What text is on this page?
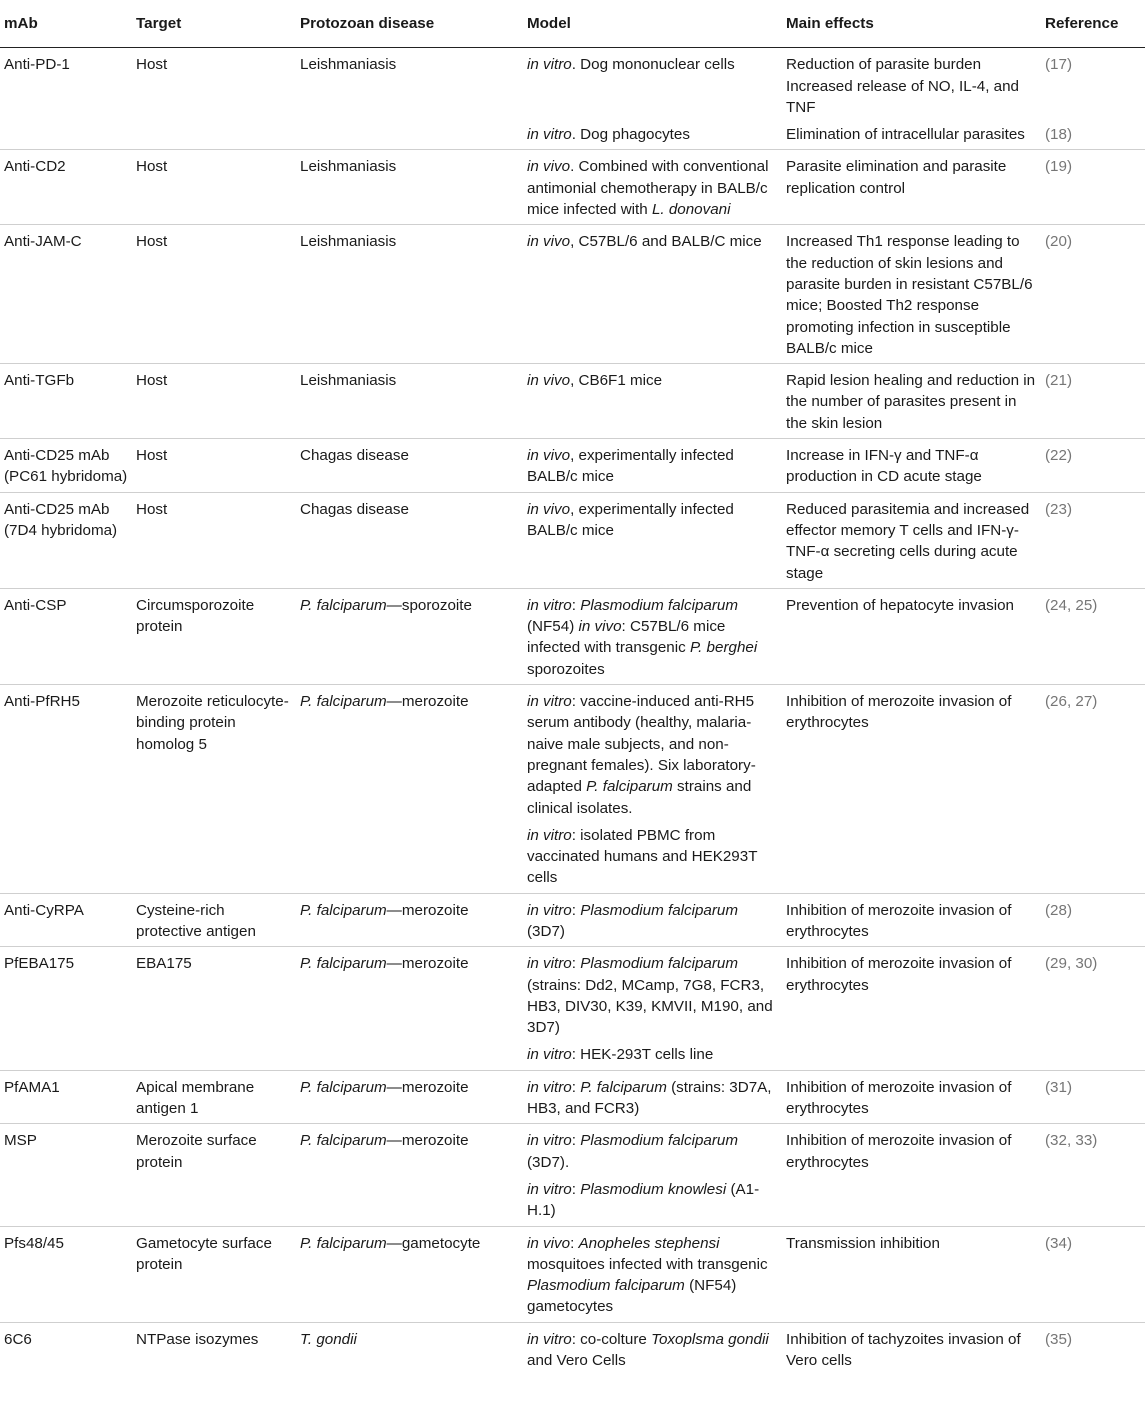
mAb	Target	Protozoan disease	Model	Main effects	Reference
Anti-PD-1	Host	Leishmaniasis	in vitro. Dog mononuclear cells	Reduction of parasite burden Increased release of NO, IL-4, and TNF	(17)
			in vitro. Dog phagocytes	Elimination of intracellular parasites	(18)
Anti-CD2	Host	Leishmaniasis	in vivo. Combined with conventional antimonial chemotherapy in BALB/c mice infected with L. donovani	Parasite elimination and parasite replication control	(19)
Anti-JAM-C	Host	Leishmaniasis	in vivo, C57BL/6 and BALB/C mice	Increased Th1 response leading to the reduction of skin lesions and parasite burden in resistant C57BL/6 mice; Boosted Th2 response promoting infection in susceptible BALB/c mice	(20)
Anti-TGFb	Host	Leishmaniasis	in vivo, CB6F1 mice	Rapid lesion healing and reduction in the number of parasites present in the skin lesion	(21)
Anti-CD25 mAb (PC61 hybridoma)	Host	Chagas disease	in vivo, experimentally infected BALB/c mice	Increase in IFN-γ and TNF-α production in CD acute stage	(22)
Anti-CD25 mAb (7D4 hybridoma)	Host	Chagas disease	in vivo, experimentally infected BALB/c mice	Reduced parasitemia and increased effector memory T cells and IFN-γ-TNF-α secreting cells during acute stage	(23)
Anti-CSP	Circumsporozoite protein	P. falciparum—sporozoite	in vitro: Plasmodium falciparum (NF54) in vivo: C57BL/6 mice infected with transgenic P. berghei sporozoites	Prevention of hepatocyte invasion	(24, 25)
Anti-PfRH5	Merozoite reticulocyte-binding protein homolog 5	P. falciparum—merozoite	in vitro: vaccine-induced anti-RH5 serum antibody (healthy, malaria-naive male subjects, and non-pregnant females). Six laboratory-adapted P. falciparum strains and clinical isolates.	Inhibition of merozoite invasion of erythrocytes	(26, 27)
			in vitro: isolated PBMC from vaccinated humans and HEK293T cells		
Anti-CyRPA	Cysteine-rich protective antigen	P. falciparum—merozoite	in vitro: Plasmodium falciparum (3D7)	Inhibition of merozoite invasion of erythrocytes	(28)
PfEBA175	EBA175	P. falciparum—merozoite	in vitro: Plasmodium falciparum (strains: Dd2, MCamp, 7G8, FCR3, HB3, DIV30, K39, KMVII, M190, and 3D7)	Inhibition of merozoite invasion of erythrocytes	(29, 30)
			in vitro: HEK-293T cells line		
PfAMA1	Apical membrane antigen 1	P. falciparum—merozoite	in vitro: P. falciparum (strains: 3D7A, HB3, and FCR3)	Inhibition of merozoite invasion of erythrocytes	(31)
MSP	Merozoite surface protein	P. falciparum—merozoite	in vitro: Plasmodium falciparum (3D7).	Inhibition of merozoite invasion of erythrocytes	(32, 33)
			in vitro: Plasmodium knowlesi (A1-H.1)		
Pfs48/45	Gametocyte surface protein	P. falciparum—gametocyte	in vivo: Anopheles stephensi mosquitoes infected with transgenic Plasmodium falciparum (NF54) gametocytes	Transmission inhibition	(34)
6C6	NTPase isozymes	T. gondii	in vitro: co-colture Toxoplsma gondii and Vero Cells	Inhibition of tachyzoites invasion of Vero cells	(35)
